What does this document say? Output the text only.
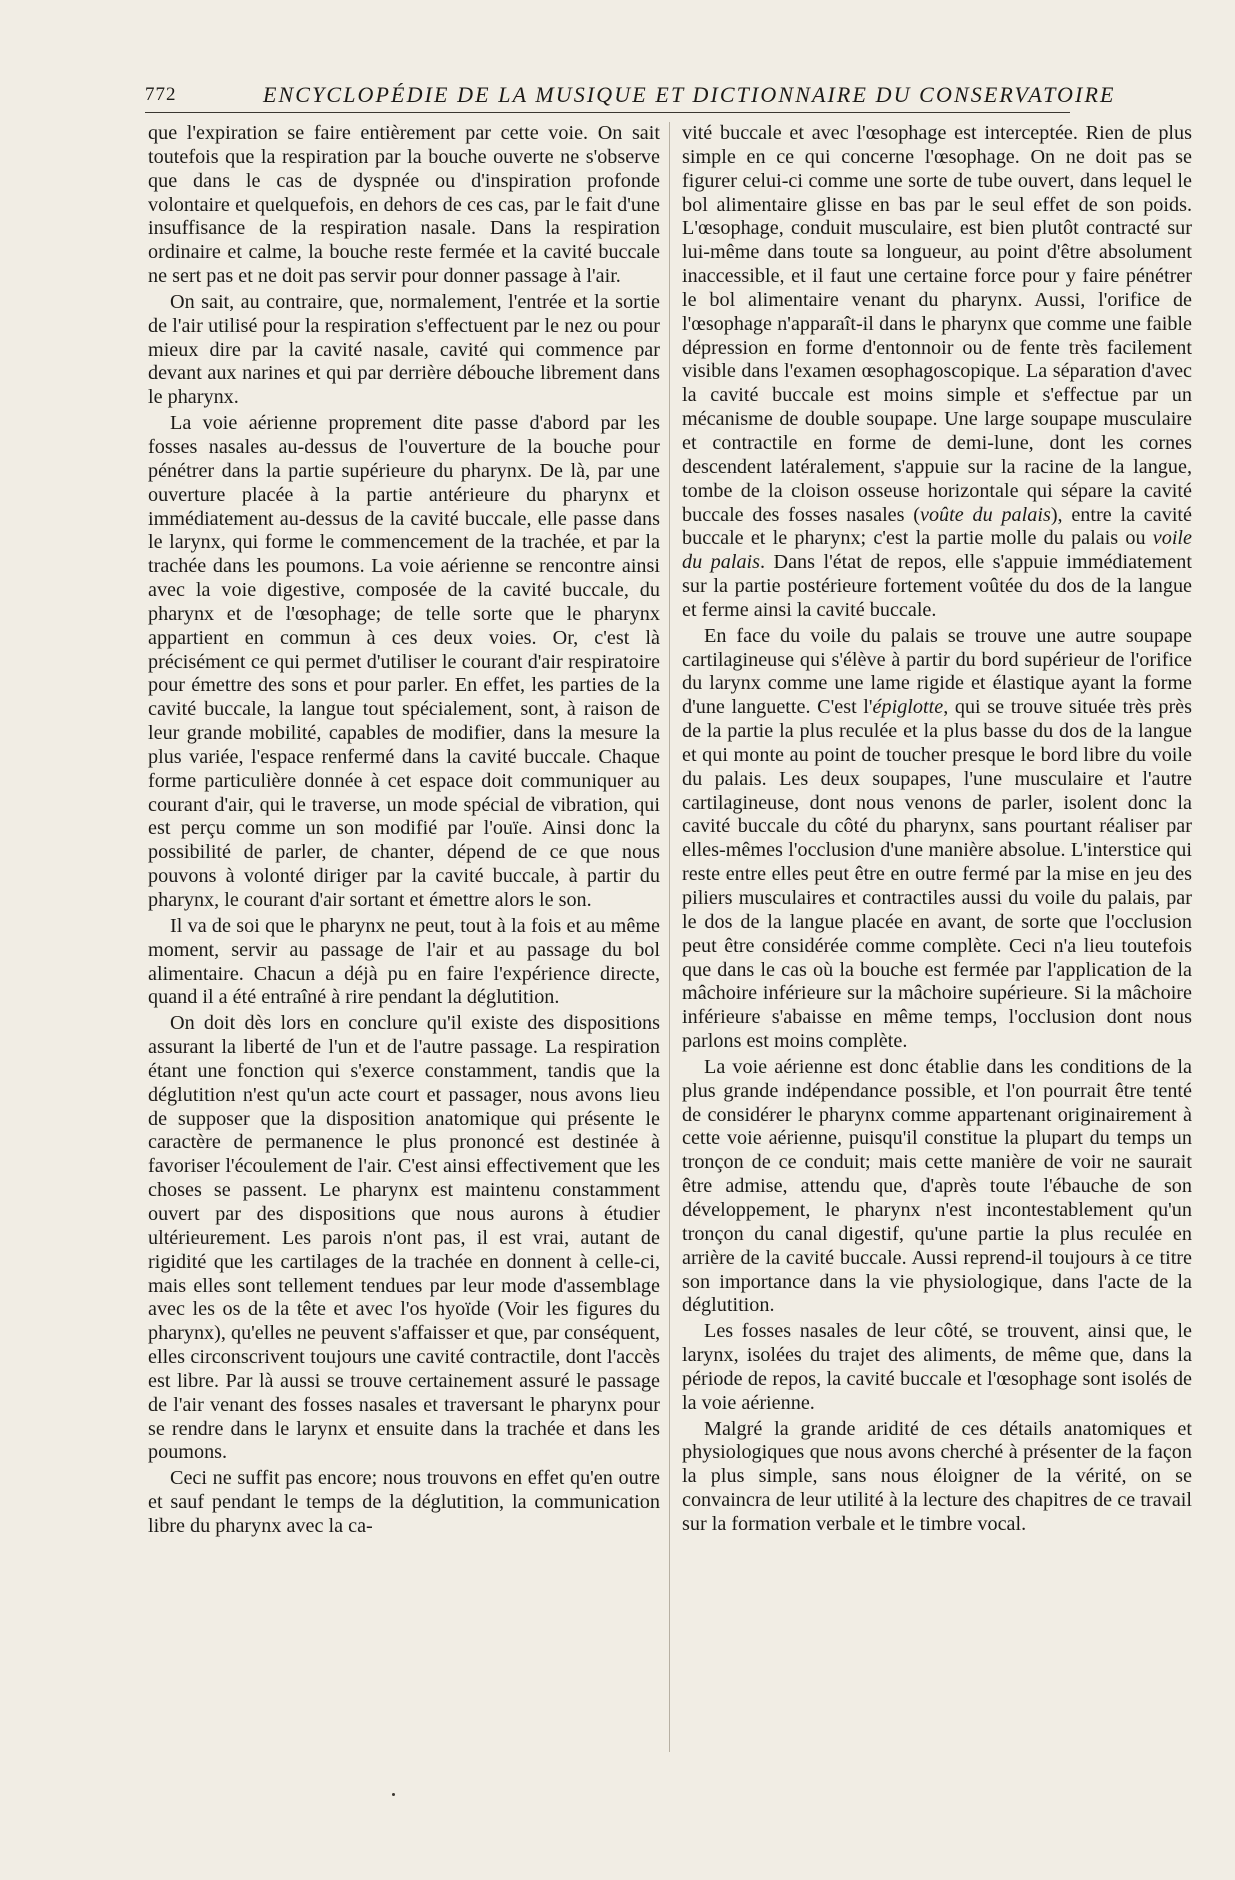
772	ENCYCLOPÉDIE DE LA MUSIQUE ET DICTIONNAIRE DU CONSERVATOIRE

que l'expiration se faire entièrement par cette voie. On sait toutefois que la respiration par la bouche ouverte ne s'observe que dans le cas de dyspnée ou d'inspiration profonde volontaire et quelquefois, en dehors de ces cas, par le fait d'une insuffisance de la respiration nasale. Dans la respiration ordinaire et calme, la bouche reste fermée et la cavité buccale ne sert pas et ne doit pas servir pour donner passage à l'air.

On sait, au contraire, que, normalement, l'entrée et la sortie de l'air utilisé pour la respiration s'effectuent par le nez ou pour mieux dire par la cavité nasale, cavité qui commence par devant aux narines et qui par derrière débouche librement dans le pharynx.

La voie aérienne proprement dite passe d'abord par les fosses nasales au-dessus de l'ouverture de la bouche pour pénétrer dans la partie supérieure du pharynx. De là, par une ouverture placée à la partie antérieure du pharynx et immédiatement au-dessus de la cavité buccale, elle passe dans le larynx, qui forme le commencement de la trachée, et par la trachée dans les poumons. La voie aérienne se rencontre ainsi avec la voie digestive, composée de la cavité buccale, du pharynx et de l'œsophage; de telle sorte que le pharynx appartient en commun à ces deux voies. Or, c'est là précisément ce qui permet d'utiliser le courant d'air respiratoire pour émettre des sons et pour parler. En effet, les parties de la cavité buccale, la langue tout spécialement, sont, à raison de leur grande mobilité, capables de modifier, dans la mesure la plus variée, l'espace renfermé dans la cavité buccale. Chaque forme particulière donnée à cet espace doit communiquer au courant d'air, qui le traverse, un mode spécial de vibration, qui est perçu comme un son modifié par l'ouïe. Ainsi donc la possibilité de parler, de chanter, dépend de ce que nous pouvons à volonté diriger par la cavité buccale, à partir du pharynx, le courant d'air sortant et émettre alors le son.

Il va de soi que le pharynx ne peut, tout à la fois et au même moment, servir au passage de l'air et au passage du bol alimentaire. Chacun a déjà pu en faire l'expérience directe, quand il a été entraîné à rire pendant la déglutition.

On doit dès lors en conclure qu'il existe des dispositions assurant la liberté de l'un et de l'autre passage. La respiration étant une fonction qui s'exerce constamment, tandis que la déglutition n'est qu'un acte court et passager, nous avons lieu de supposer que la disposition anatomique qui présente le caractère de permanence le plus prononcé est destinée à favoriser l'écoulement de l'air. C'est ainsi effectivement que les choses se passent. Le pharynx est maintenu constamment ouvert par des dispositions que nous aurons à étudier ultérieurement. Les parois n'ont pas, il est vrai, autant de rigidité que les cartilages de la trachée en donnent à celle-ci, mais elles sont tellement tendues par leur mode d'assemblage avec les os de la tête et avec l'os hyoïde (Voir les figures du pharynx), qu'elles ne peuvent s'affaisser et que, par conséquent, elles circonscrivent toujours une cavité contractile, dont l'accès est libre. Par là aussi se trouve certainement assuré le passage de l'air venant des fosses nasales et traversant le pharynx pour se rendre dans le larynx et ensuite dans la trachée et dans les poumons.

Ceci ne suffit pas encore; nous trouvons en effet qu'en outre et sauf pendant le temps de la déglutition, la communication libre du pharynx avec la ca-

vité buccale et avec l'œsophage est interceptée. Rien de plus simple en ce qui concerne l'œsophage. On ne doit pas se figurer celui-ci comme une sorte de tube ouvert, dans lequel le bol alimentaire glisse en bas par le seul effet de son poids. L'œsophage, conduit musculaire, est bien plutôt contracté sur lui-même dans toute sa longueur, au point d'être absolument inaccessible, et il faut une certaine force pour y faire pénétrer le bol alimentaire venant du pharynx. Aussi, l'orifice de l'œsophage n'apparaît-il dans le pharynx que comme une faible dépression en forme d'entonnoir ou de fente très facilement visible dans l'examen œsophagoscopique. La séparation d'avec la cavité buccale est moins simple et s'effectue par un mécanisme de double soupape. Une large soupape musculaire et contractile en forme de demi-lune, dont les cornes descendent latéralement, s'appuie sur la racine de la langue, tombe de la cloison osseuse horizontale qui sépare la cavité buccale des fosses nasales (voûte du palais), entre la cavité buccale et le pharynx; c'est la partie molle du palais ou voile du palais. Dans l'état de repos, elle s'appuie immédiatement sur la partie postérieure fortement voûtée du dos de la langue et ferme ainsi la cavité buccale.

En face du voile du palais se trouve une autre soupape cartilagineuse qui s'élève à partir du bord supérieur de l'orifice du larynx comme une lame rigide et élastique ayant la forme d'une languette. C'est l'épiglotte, qui se trouve située très près de la partie la plus reculée et la plus basse du dos de la langue et qui monte au point de toucher presque le bord libre du voile du palais. Les deux soupapes, l'une musculaire et l'autre cartilagineuse, dont nous venons de parler, isolent donc la cavité buccale du côté du pharynx, sans pourtant réaliser par elles-mêmes l'occlusion d'une manière absolue. L'interstice qui reste entre elles peut être en outre fermé par la mise en jeu des piliers musculaires et contractiles aussi du voile du palais, par le dos de la langue placée en avant, de sorte que l'occlusion peut être considérée comme complète. Ceci n'a lieu toutefois que dans le cas où la bouche est fermée par l'application de la mâchoire inférieure sur la mâchoire supérieure. Si la mâchoire inférieure s'abaisse en même temps, l'occlusion dont nous parlons est moins complète.

La voie aérienne est donc établie dans les conditions de la plus grande indépendance possible, et l'on pourrait être tenté de considérer le pharynx comme appartenant originairement à cette voie aérienne, puisqu'il constitue la plupart du temps un tronçon de ce conduit; mais cette manière de voir ne saurait être admise, attendu que, d'après toute l'ébauche de son développement, le pharynx n'est incontestablement qu'un tronçon du canal digestif, qu'une partie la plus reculée en arrière de la cavité buccale. Aussi reprend-il toujours à ce titre son importance dans la vie physiologique, dans l'acte de la déglutition.

Les fosses nasales de leur côté, se trouvent, ainsi que, le larynx, isolées du trajet des aliments, de même que, dans la période de repos, la cavité buccale et l'œsophage sont isolés de la voie aérienne.

Malgré la grande aridité de ces détails anatomiques et physiologiques que nous avons cherché à présenter de la façon la plus simple, sans nous éloigner de la vérité, on se convaincra de leur utilité à la lecture des chapitres de ce travail sur la formation verbale et le timbre vocal.
